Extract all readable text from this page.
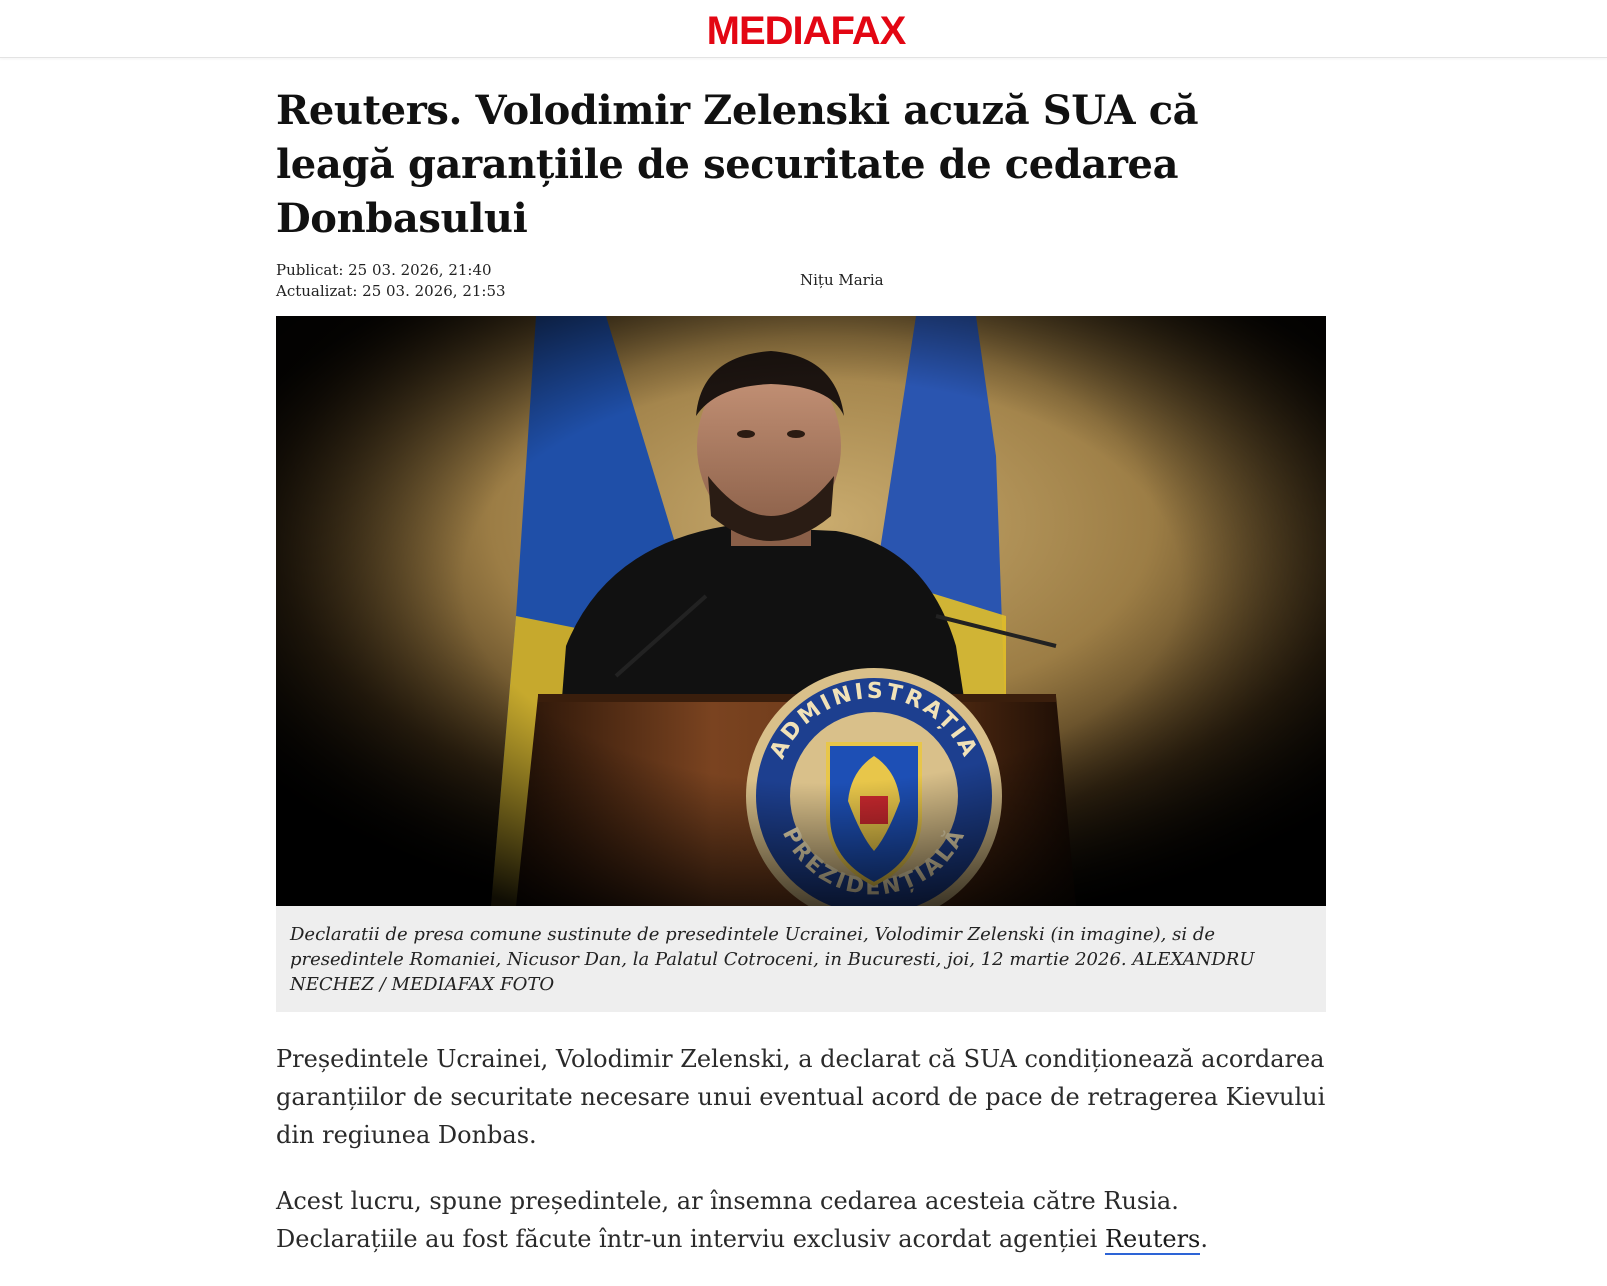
MEDIAFAX
Reuters. Volodimir Zelenski acuză SUA că leagă garanțiile de securitate de cedarea Donbasului
Publicat: 25 03. 2026, 21:40
Actualizat: 25 03. 2026, 21:53
Nițu Maria
Declaratii de presa comune sustinute de presedintele Ucrainei, Volodimir Zelenski (in imagine), si de presedintele Romaniei, Nicusor Dan, la Palatul Cotroceni, in Bucuresti, joi, 12 martie 2026. ALEXANDRU NECHEZ / MEDIAFAX FOTO

Președintele Ucrainei, Volodimir Zelenski, a declarat că SUA condiționează acordarea garanțiilor de securitate necesare unui eventual acord de pace de retragerea Kievului din regiunea Donbas.

Acest lucru, spune președintele, ar însemna cedarea acesteia către Rusia. Declarațiile au fost făcute într-un interviu exclusiv acordat agenției Reuters.
